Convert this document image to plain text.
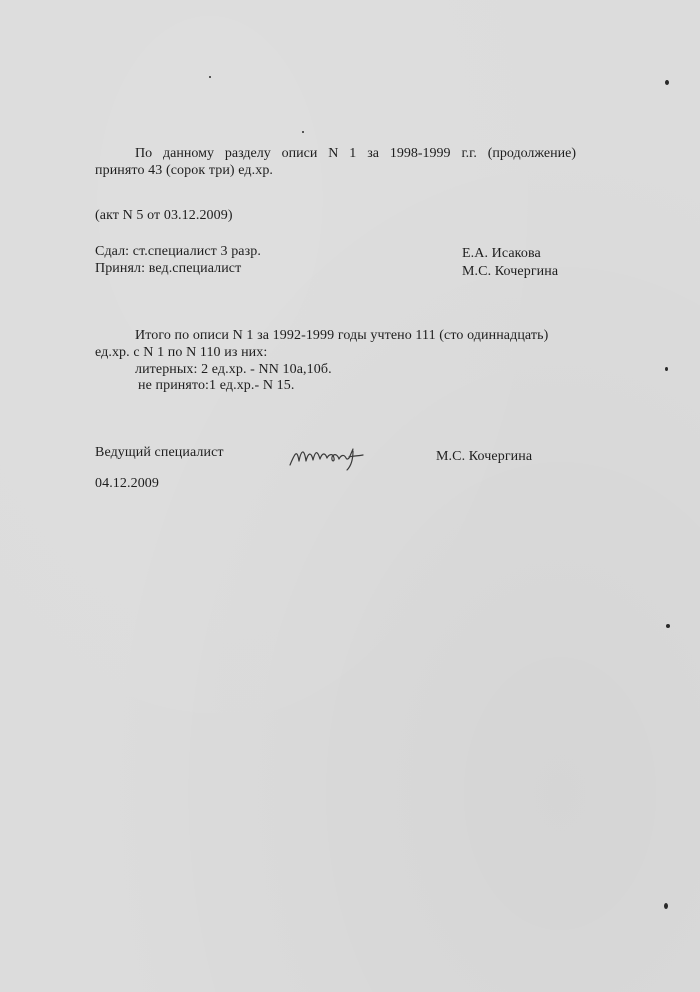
По данному разделу описи N 1 за 1998-1999 г.г. (продолжение)
принято 43 (сорок три) ед.хр.
(акт N 5 от 03.12.2009)
Сдал: ст.специалист 3 разр.	Е.А. Исакова
Принял: вед.специалист	М.С. Кочергина
Итого по описи N 1 за 1992-1999 годы учтено 111 (сто одиннадцать)
ед.хр. с N 1 по N 110 из них:
литерных: 2 ед.хр. - NN 10а,10б.
не принято:1 ед.хр.- N 15.
Ведущий специалист	М.С. Кочергина
04.12.2009
